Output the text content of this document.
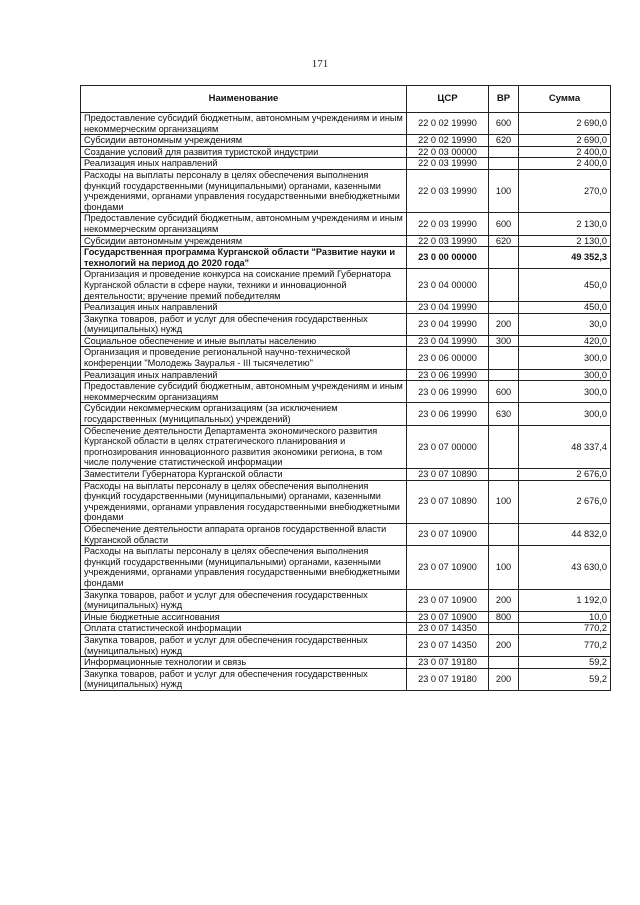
171
Наименование	ЦСР	ВР	Сумма
Предоставление субсидий бюджетным, автономным учреждениям и иным некоммерческим организациям	22 0 02 19990	600	2 690,0
Субсидии автономным учреждениям	22 0 02 19990	620	2 690,0
Создание условий для развития туристской индустрии	22 0 03 00000		2 400,0
Реализация иных направлений	22 0 03 19990		2 400,0
Расходы на выплаты персоналу в целях обеспечения выполнения функций государственными (муниципальными) органами, казенными учреждениями, органами управления государственными внебюджетными фондами	22 0 03 19990	100	270,0
Предоставление субсидий бюджетным, автономным учреждениям и иным некоммерческим организациям	22 0 03 19990	600	2 130,0
Субсидии автономным учреждениям	22 0 03 19990	620	2 130,0
Государственная программа Курганской области "Развитие науки и технологий на период до 2020 года"	23 0 00 00000		49 352,3
Организация и проведение конкурса на соискание премий Губернатора Курганской области в сфере науки, техники и инновационной деятельности; вручение премий победителям	23 0 04 00000		450,0
Реализация иных направлений	23 0 04 19990		450,0
Закупка товаров, работ и услуг для обеспечения государственных (муниципальных) нужд	23 0 04 19990	200	30,0
Социальное обеспечение и иные выплаты населению	23 0 04 19990	300	420,0
Организация и проведение региональной научно-технической конференции "Молодежь Зауралья - III тысячелетию"	23 0 06 00000		300,0
Реализация иных направлений	23 0 06 19990		300,0
Предоставление субсидий бюджетным, автономным учреждениям и иным некоммерческим организациям	23 0 06 19990	600	300,0
Субсидии некоммерческим организациям (за исключением государственных (муниципальных) учреждений)	23 0 06 19990	630	300,0
Обеспечение деятельности Департамента экономического развития Курганской области в целях стратегического планирования и прогнозирования инновационного развития экономики региона, в том числе получение статистической информации	23 0 07 00000		48 337,4
Заместители Губернатора Курганской области	23 0 07 10890		2 676,0
Расходы на выплаты персоналу в целях обеспечения выполнения функций государственными (муниципальными) органами, казенными учреждениями, органами управления государственными внебюджетными фондами	23 0 07 10890	100	2 676,0
Обеспечение деятельности аппарата органов государственной власти Курганской области	23 0 07 10900		44 832,0
Расходы на выплаты персоналу в целях обеспечения выполнения функций государственными (муниципальными) органами, казенными учреждениями, органами управления государственными внебюджетными фондами	23 0 07 10900	100	43 630,0
Закупка товаров, работ и услуг для обеспечения государственных (муниципальных) нужд	23 0 07 10900	200	1 192,0
Иные бюджетные ассигнования	23 0 07 10900	800	10,0
Оплата статистической информации	23 0 07 14350		770,2
Закупка товаров, работ и услуг для обеспечения государственных (муниципальных) нужд	23 0 07 14350	200	770,2
Информационные технологии и связь	23 0 07 19180		59,2
Закупка товаров, работ и услуг для обеспечения государственных (муниципальных) нужд	23 0 07 19180	200	59,2
